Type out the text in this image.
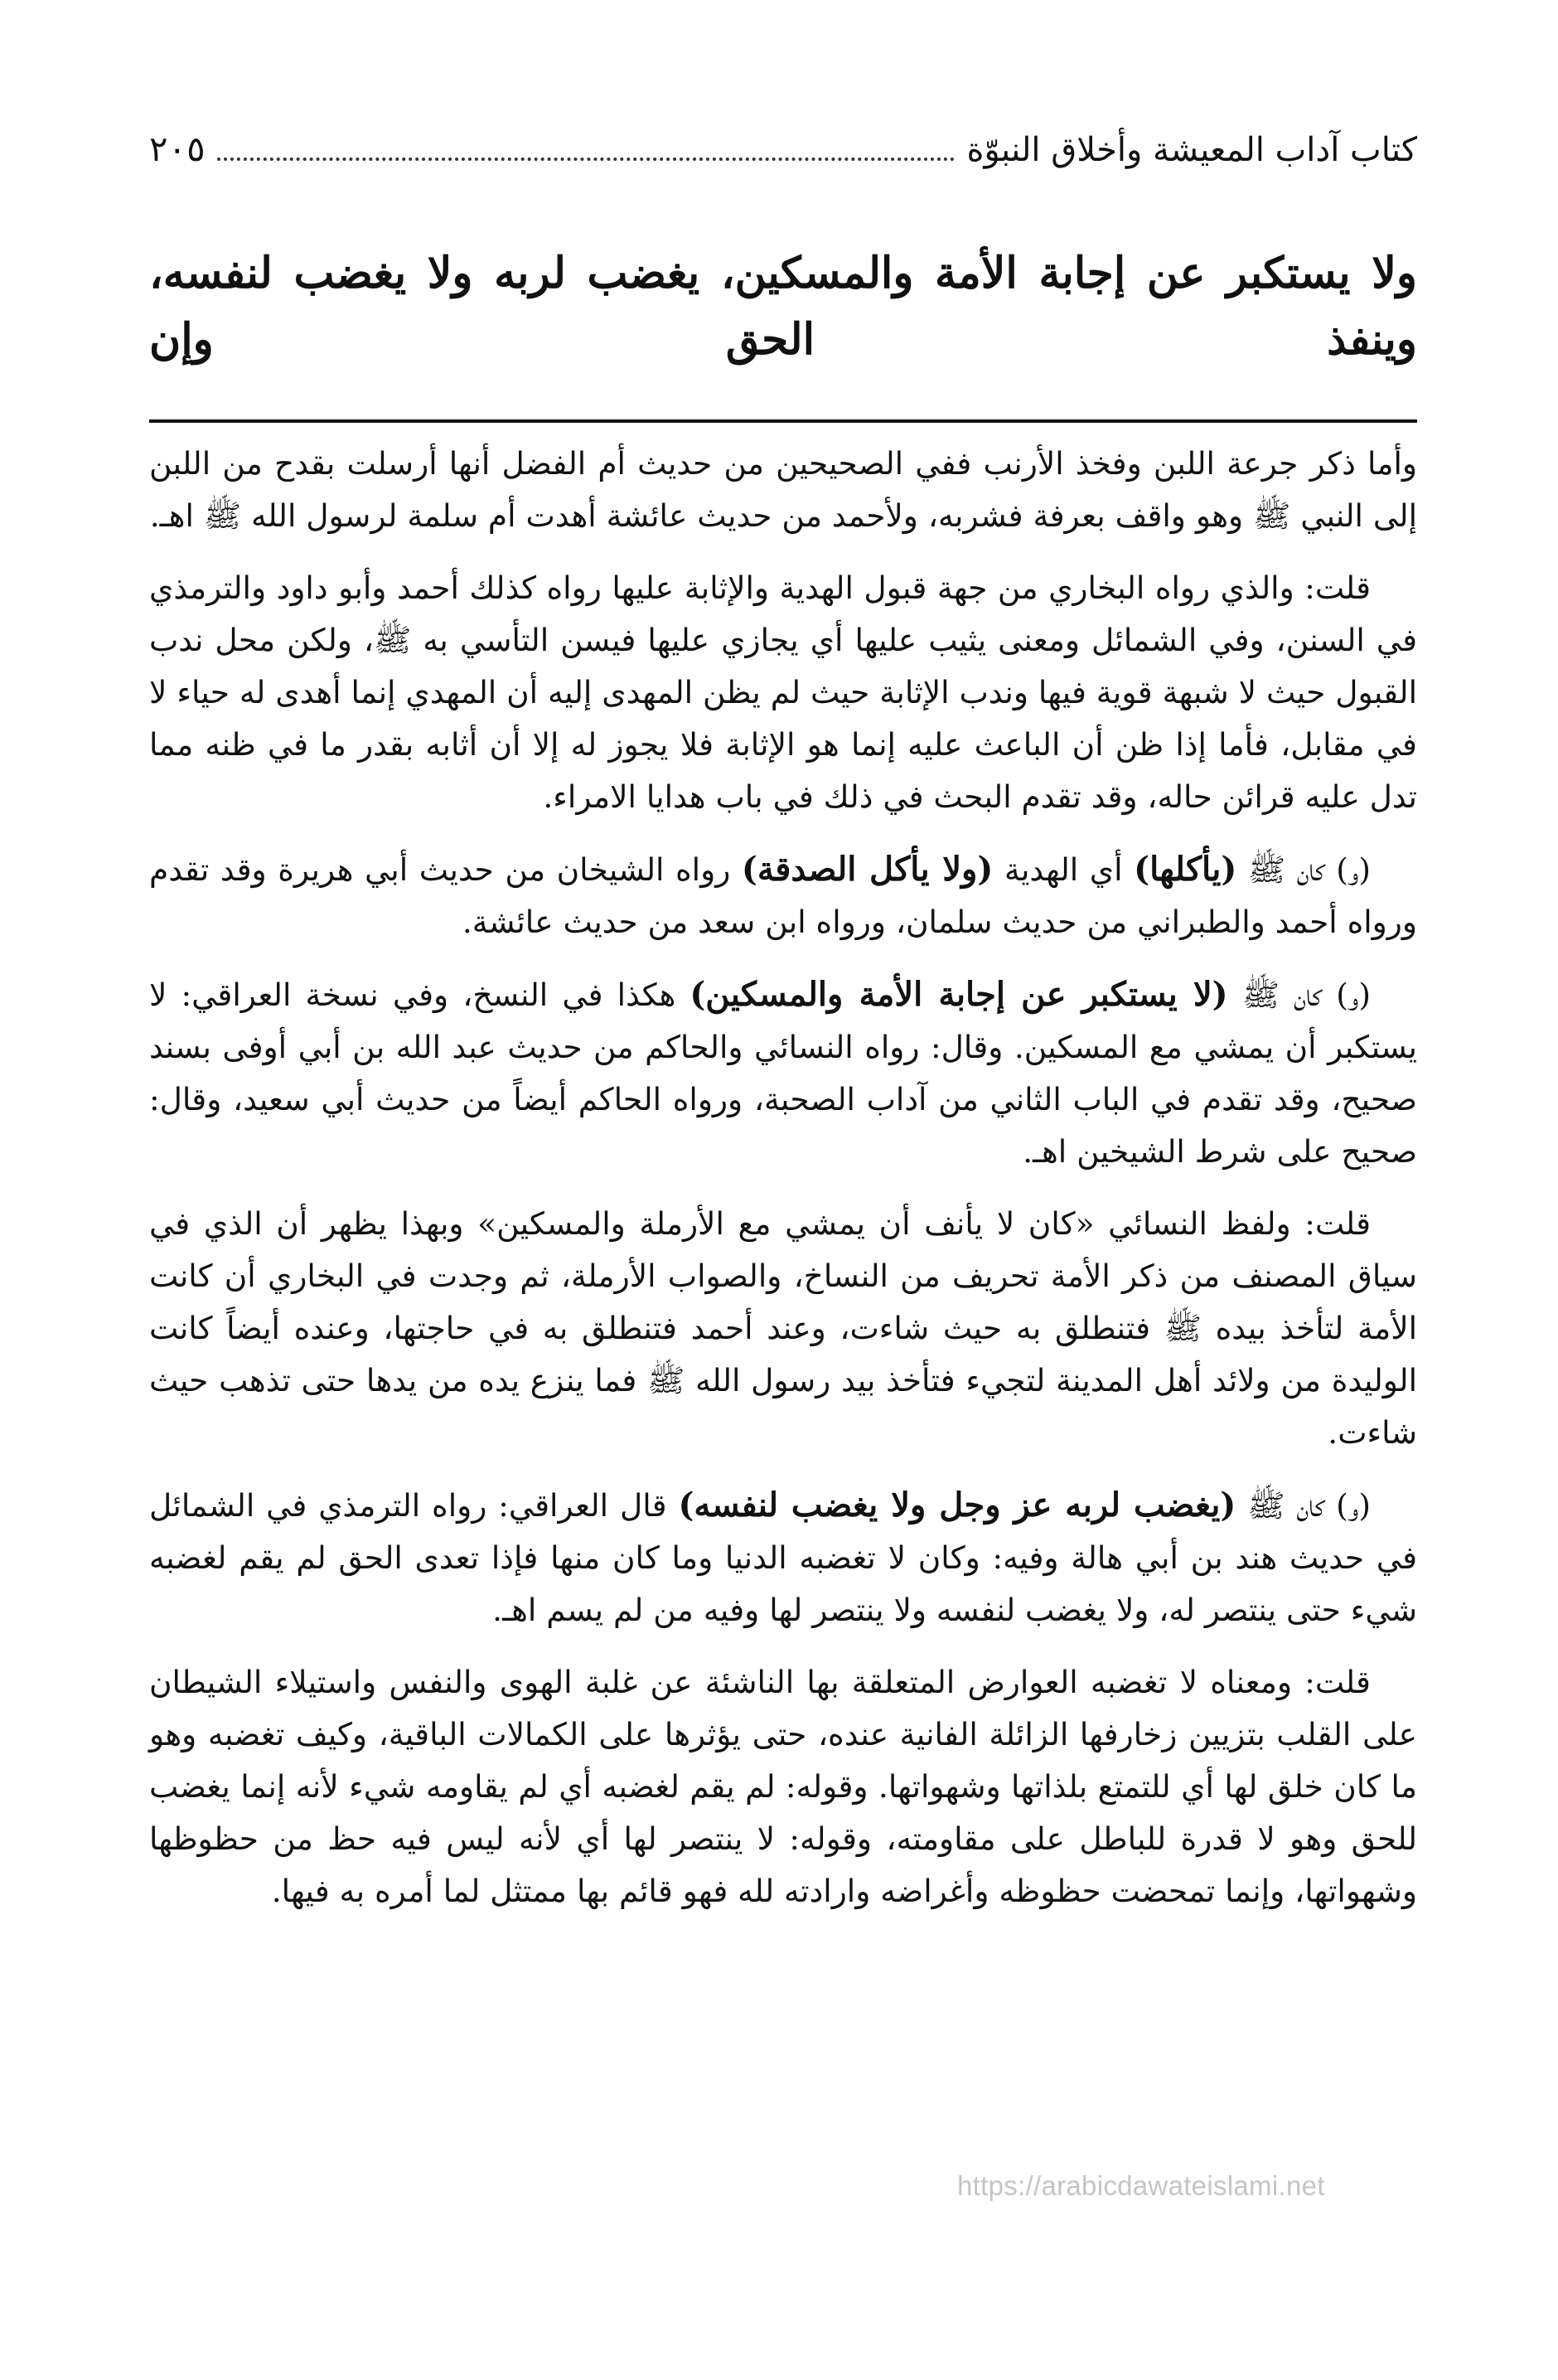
كتاب آداب المعيشة وأخلاق النبوّة
٢٠٥
ولا يستكبر عن إجابة الأمة والمسكين، يغضب لربه ولا يغضب لنفسه، وينفذ الحق وإن

وأما ذكر جرعة اللبن وفخذ الأرنب ففي الصحيحين من حديث أم الفضل أنها أرسلت بقدح من اللبن إلى النبي ﷺ وهو واقف بعرفة فشربه، ولأحمد من حديث عائشة أهدت أم سلمة لرسول الله ﷺ اهـ.

قلت: والذي رواه البخاري من جهة قبول الهدية والإثابة عليها رواه كذلك أحمد وأبو داود والترمذي في السنن، وفي الشمائل ومعنى يثيب عليها أي يجازي عليها فيسن التأسي به ﷺ، ولكن محل ندب القبول حيث لا شبهة قوية فيها وندب الإثابة حيث لم يظن المهدى إليه أن المهدي إنما أهدى له حياء لا في مقابل، فأما إذا ظن أن الباعث عليه إنما هو الإثابة فلا يجوز له إلا أن أثابه بقدر ما في ظنه مما تدل عليه قرائن حاله، وقد تقدم البحث في ذلك في باب هدايا الامراء.

(و) كان ﷺ (يأكلها) أي الهدية (ولا يأكل الصدقة) رواه الشيخان من حديث أبي هريرة وقد تقدم ورواه أحمد والطبراني من حديث سلمان، ورواه ابن سعد من حديث عائشة.

(و) كان ﷺ (لا يستكبر عن إجابة الأمة والمسكين) هكذا في النسخ، وفي نسخة العراقي: لا يستكبر أن يمشي مع المسكين. وقال: رواه النسائي والحاكم من حديث عبد الله بن أبي أوفى بسند صحيح، وقد تقدم في الباب الثاني من آداب الصحبة، ورواه الحاكم أيضاً من حديث أبي سعيد، وقال: صحيح على شرط الشيخين اهـ.

قلت: ولفظ النسائي «كان لا يأنف أن يمشي مع الأرملة والمسكين» وبهذا يظهر أن الذي في سياق المصنف من ذكر الأمة تحريف من النساخ، والصواب الأرملة، ثم وجدت في البخاري أن كانت الأمة لتأخذ بيده ﷺ فتنطلق به حيث شاءت، وعند أحمد فتنطلق به في حاجتها، وعنده أيضاً كانت الوليدة من ولائد أهل المدينة لتجيء فتأخذ بيد رسول الله ﷺ فما ينزع يده من يدها حتى تذهب حيث شاءت.

(و) كان ﷺ (يغضب لربه عز وجل ولا يغضب لنفسه) قال العراقي: رواه الترمذي في الشمائل في حديث هند بن أبي هالة وفيه: وكان لا تغضبه الدنيا وما كان منها فإذا تعدى الحق لم يقم لغضبه شيء حتى ينتصر له، ولا يغضب لنفسه ولا ينتصر لها وفيه من لم يسم اهـ.

قلت: ومعناه لا تغضبه العوارض المتعلقة بها الناشئة عن غلبة الهوى والنفس واستيلاء الشيطان على القلب بتزيين زخارفها الزائلة الفانية عنده، حتى يؤثرها على الكمالات الباقية، وكيف تغضبه وهو ما كان خلق لها أي للتمتع بلذاتها وشهواتها. وقوله: لم يقم لغضبه أي لم يقاومه شيء لأنه إنما يغضب للحق وهو لا قدرة للباطل على مقاومته، وقوله: لا ينتصر لها أي لأنه ليس فيه حظ من حظوظها وشهواتها، وإنما تمحضت حظوظه وأغراضه وارادته لله فهو قائم بها ممتثل لما أمره به فيها.

https://arabicdawateislami.net
